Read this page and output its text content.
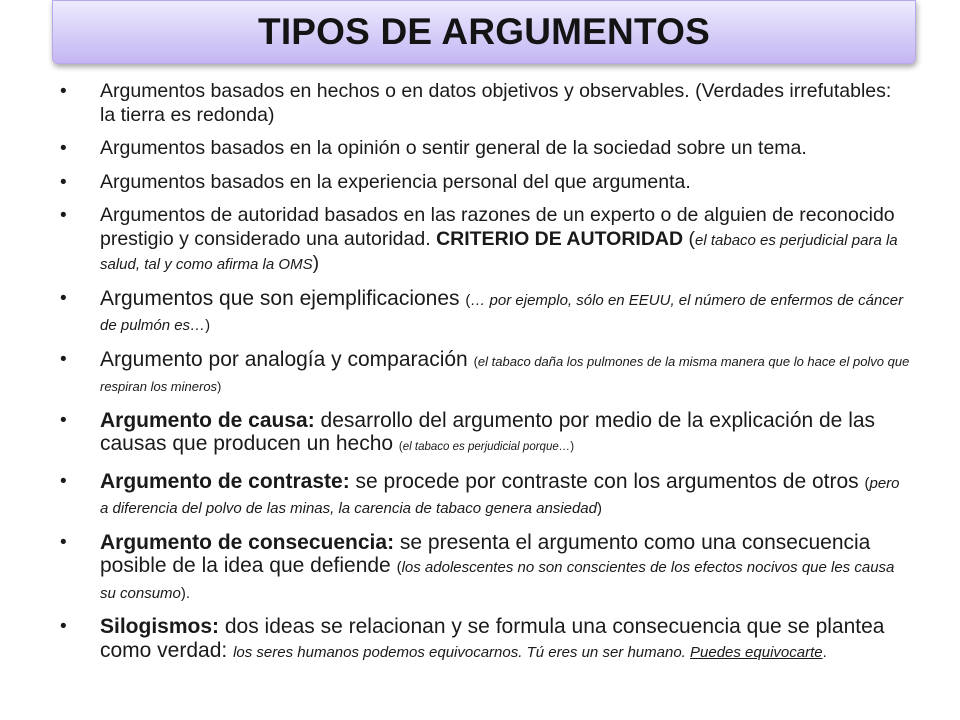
TIPOS DE ARGUMENTOS
• Argumentos basados en hechos o en datos objetivos y observables. (Verdades irrefutables: la tierra es redonda)
• Argumentos basados en la opinión o sentir general de la sociedad sobre un tema.
• Argumentos basados en la experiencia personal del que argumenta.
• Argumentos de autoridad basados en las razones de un experto o de alguien de reconocido prestigio y considerado una autoridad. CRITERIO DE AUTORIDAD (el tabaco es perjudicial para la salud, tal y como afirma la OMS)
• Argumentos que son ejemplificaciones (… por ejemplo, sólo en EEUU, el número de enfermos de cáncer de pulmón es…)
• Argumento por analogía y comparación (el tabaco daña los pulmones de la misma manera que lo hace el polvo que respiran los mineros)
• Argumento de causa: desarrollo del argumento por medio de la explicación de las causas que producen un hecho (el tabaco es perjudicial porque…)
• Argumento de contraste: se procede por contraste con los argumentos de otros (pero a diferencia del polvo de las minas, la carencia de tabaco genera ansiedad)
• Argumento de consecuencia: se presenta el argumento como una consecuencia posible de la idea que defiende (los adolescentes no son conscientes de los efectos nocivos que les causa su consumo).
• Silogismos: dos ideas se relacionan y se formula una consecuencia que se plantea como verdad: los seres humanos podemos equivocarnos. Tú eres un ser humano. Puedes equivocarte.
